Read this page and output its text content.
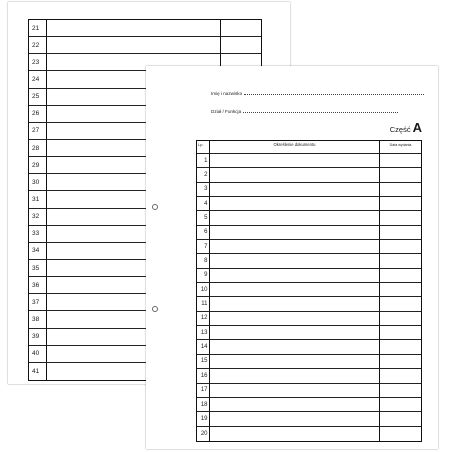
21
22
23
24
25
26
27
28
29
30
31
32
33
34
35
36
37
38
39
40
41
Imię i nazwisko
Dział / Funkcja
Część A
Lp.	Określenie dokumentu	Data wydania
1
2
3
4
5
6
7
8
9
10
11
12
13
14
15
16
17
18
19
20
